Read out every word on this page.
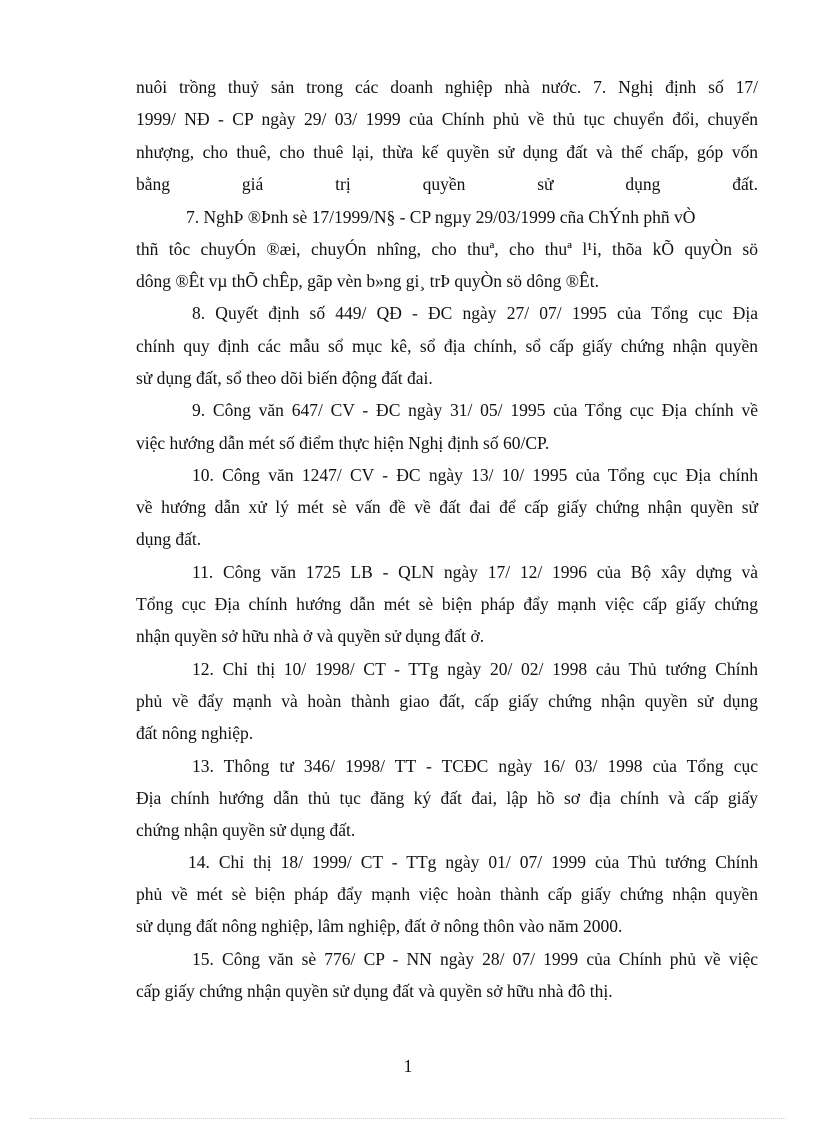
nuôi trồng thuỷ sản trong các doanh nghiệp nhà nước. 7. Nghị định số 17/
1999/ NĐ - CP ngày 29/ 03/ 1999 của Chính phủ về thủ tục chuyển đổi, chuyển
nhượng, cho thuê, cho thuê lại, thừa kế quyền sử dụng đất và thế chấp, góp vốn
bằng giá trị quyền sử dụng đất.
7. NghÞ ®Þnh sè 17/1999/N§ - CP ngµy 29/03/1999 cña ChÝnh phñ vÒ
thñ tôc chuyÓn ®æi, chuyÓn nhîng, cho thuª, cho thuª l¹i, thõa kÕ quyÒn sö
dông ®Êt vµ thÕ chÊp, gãp vèn b»ng gi¸ trÞ quyÒn sö dông ®Êt.
8. Quyết định số 449/ QĐ - ĐC ngày 27/ 07/ 1995 của Tổng cục Địa
chính quy định các mẫu sổ mục kê, sổ địa chính, sổ cấp giấy chứng nhận quyền
sử dụng đất, sổ theo dõi biến động đất đai.
9. Công văn 647/ CV - ĐC ngày 31/ 05/ 1995 của Tổng cục Địa chính về
việc hướng dẫn mét số điểm thực hiện Nghị định số 60/CP.
10. Công văn 1247/ CV - ĐC ngày 13/ 10/ 1995 của Tổng cục Địa chính
về hướng dẫn xử lý mét sè vấn đề về đất đai để cấp giấy chứng nhận quyền sử
dụng đất.
11. Công văn 1725 LB - QLN ngày 17/ 12/ 1996 của Bộ xây dựng và
Tổng cục Địa chính hướng dẫn mét sè biện pháp đẩy mạnh việc cấp giấy chứng
nhận quyền sở hữu nhà ở và quyền sử dụng đất ở.
12. Chỉ thị 10/ 1998/ CT - TTg ngày 20/ 02/ 1998 cảu Thủ tướng Chính
phủ về đẩy mạnh và hoàn thành giao đất, cấp giấy chứng nhận quyền sử dụng
đất nông nghiệp.
13. Thông tư 346/ 1998/ TT - TCĐC ngày 16/ 03/ 1998 của Tổng cục
Địa chính hướng dẫn thủ tục đăng ký đất đai, lập hồ sơ địa chính và cấp giấy
chứng nhận quyền sử dụng đất.
14. Chỉ thị 18/ 1999/ CT - TTg ngày 01/ 07/ 1999 của Thủ tướng Chính
phủ về mét sè biện pháp đẩy mạnh việc hoàn thành cấp giấy chứng nhận quyền
sử dụng đất nông nghiệp, lâm nghiệp, đất ở nông thôn vào năm 2000.
15. Công văn sè 776/ CP - NN ngày 28/ 07/ 1999 của Chính phủ về việc
cấp giấy chứng nhận quyền sử dụng đất và quyền sở hữu nhà đô thị.
1
